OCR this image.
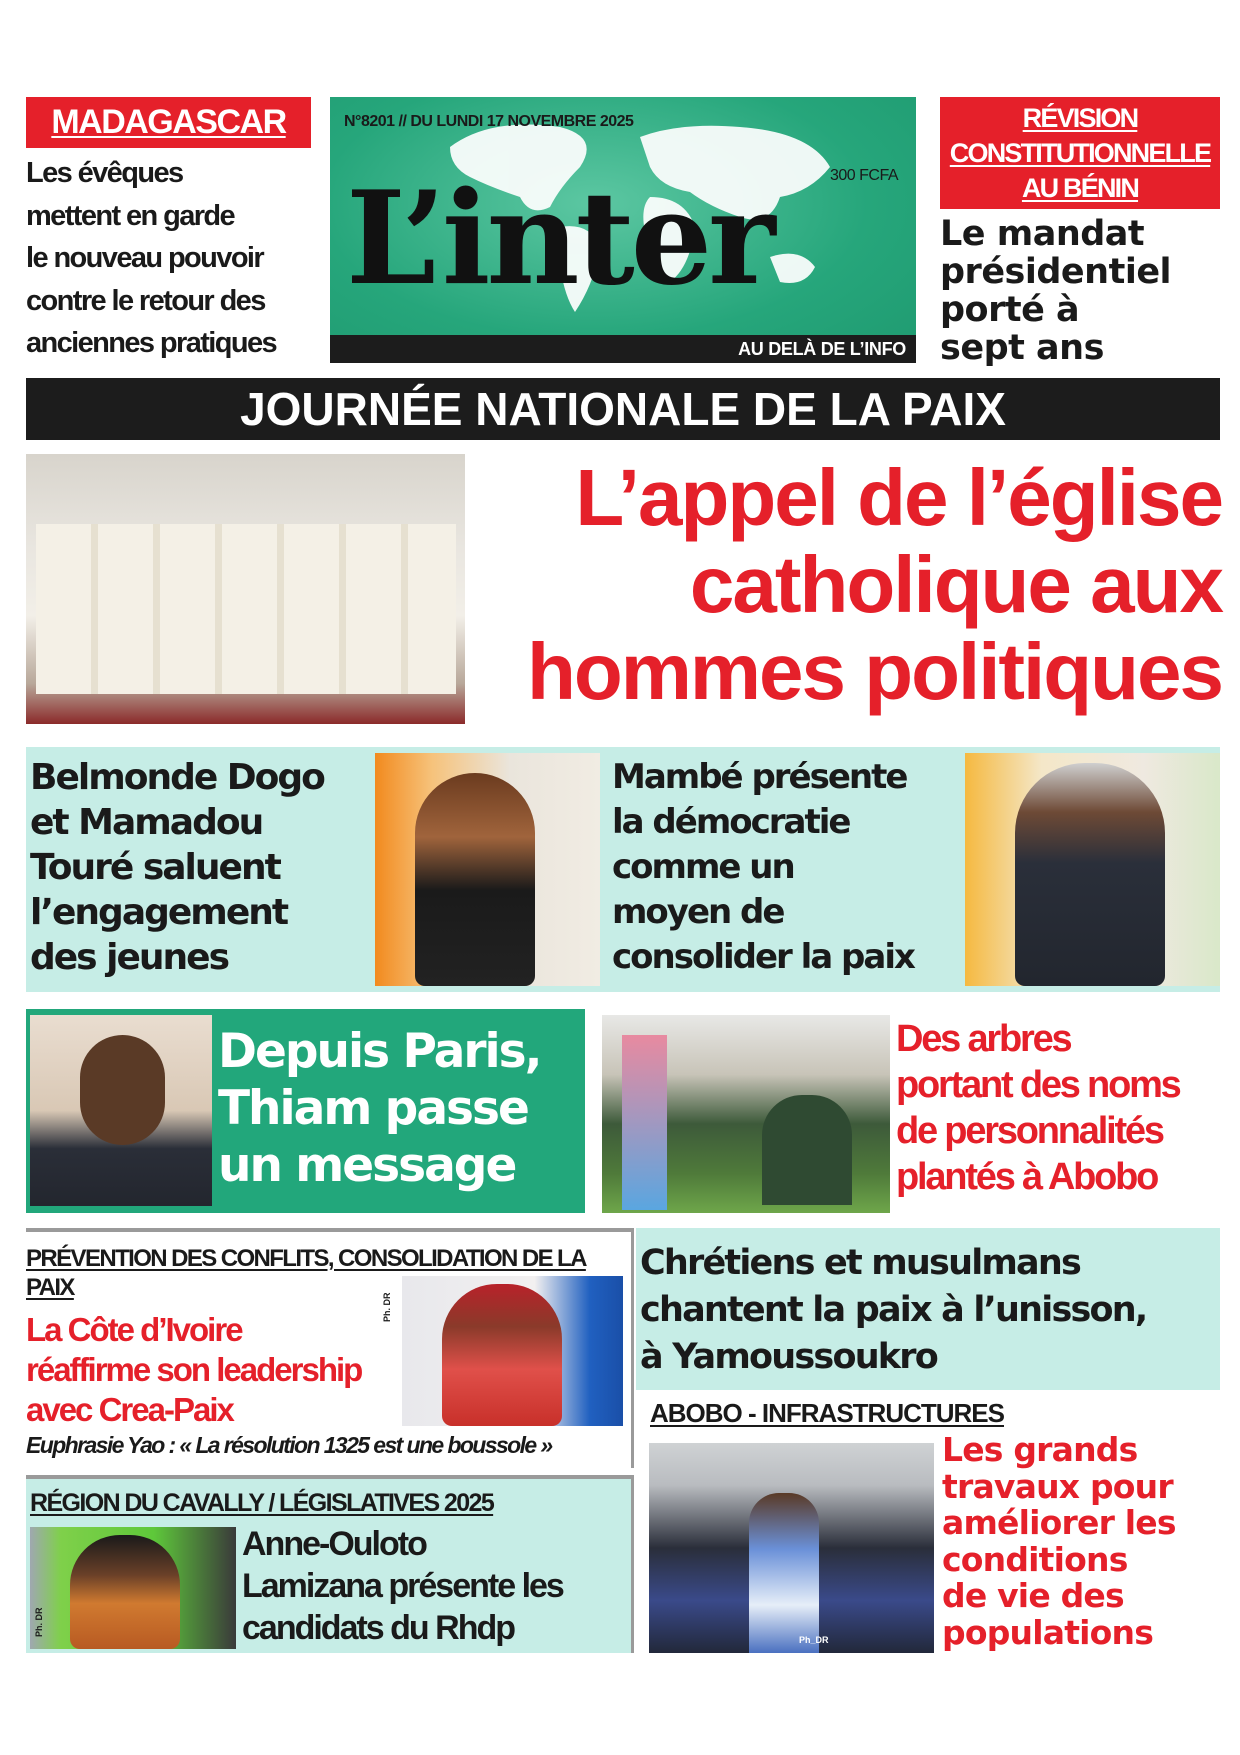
MADAGASCAR
Les évêques
mettent en garde
le nouveau pouvoir
contre le retour des
anciennes pratiques
N°8201 // DU LUNDI 17 NOVEMBRE 2025
300 FCFA
L’inter
AU DELÀ DE L’INFO
RÉVISION
CONSTITUTIONNELLE
AU BÉNIN
Le mandat
présidentiel
porté à
sept ans
JOURNÉE NATIONALE DE LA PAIX
L’appel de l’église
catholique aux
hommes politiques
Belmonde Dogo
et Mamadou
Touré saluent
l’engagement
des jeunes
Mambé présente
la démocratie
comme un
moyen de
consolider la paix
Depuis Paris,
Thiam passe
un message
Des arbres
portant des noms
de personnalités
plantés à Abobo
PRÉVENTION DES CONFLITS, CONSOLIDATION DE LA PAIX
La Côte d’Ivoire
réaffirme son leadership
avec Crea-Paix
Ph. DR
Euphrasie Yao : « La résolution 1325 est une boussole »
Chrétiens et musulmans
chantent la paix à l’unisson,
à Yamoussoukro
RÉGION DU CAVALLY / LÉGISLATIVES 2025
Ph. DR
Anne-Ouloto
Lamizana présente les
candidats du Rhdp
ABOBO - INFRASTRUCTURES
Ph_DR
Les grands
travaux pour
améliorer les
conditions
de vie des
populations
